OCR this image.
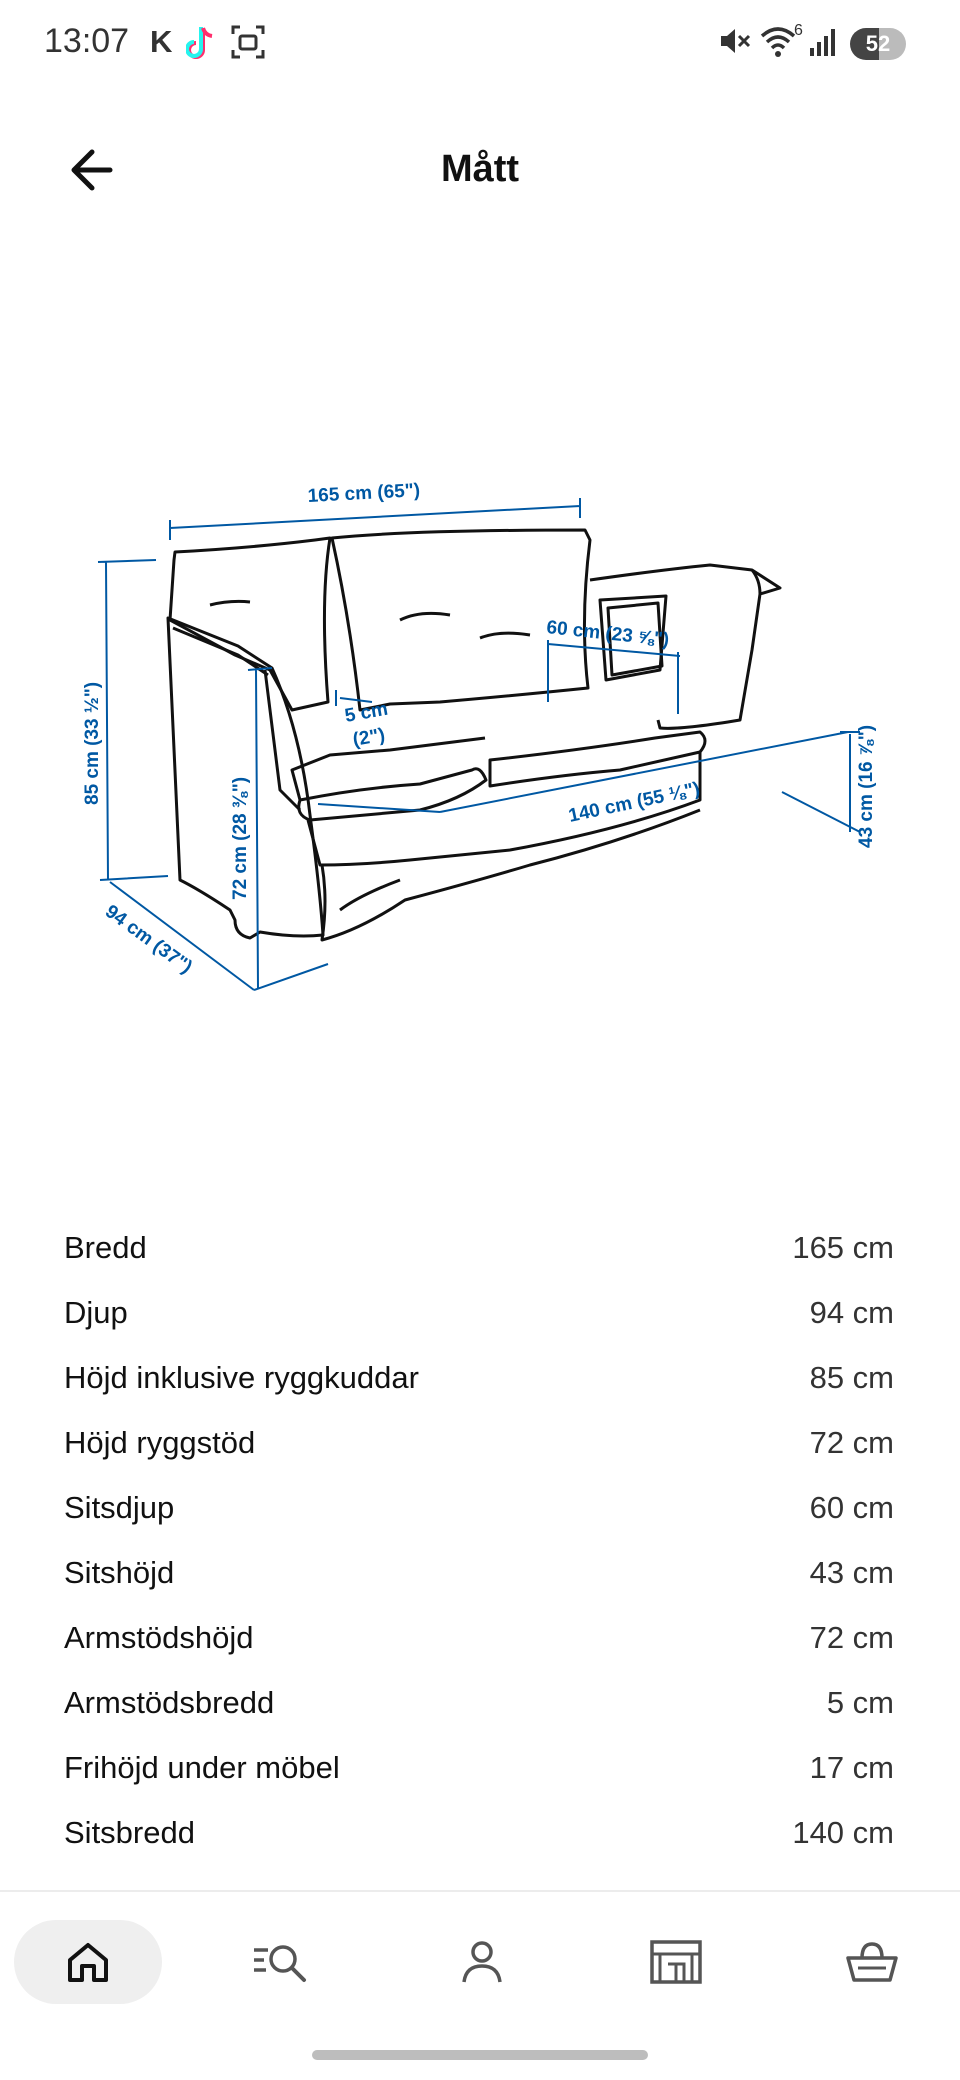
13:07 K	6
52
Mått
165 cm (65")
85 cm (33 ½")
94 cm (37")
72 cm (28 ⅜")
5 cm
(2")
60 cm (23 ⅝")
140 cm (55 ⅛")	43 cm (16 ⅞")
Bredd	165 cm
Djup	94 cm
Höjd inklusive ryggkuddar	85 cm
Höjd ryggstöd	72 cm
Sitsdjup	60 cm
Sitshöjd	43 cm
Armstödshöjd	72 cm
Armstödsbredd	5 cm
Frihöjd under möbel	17 cm
Sitsbredd	140 cm
